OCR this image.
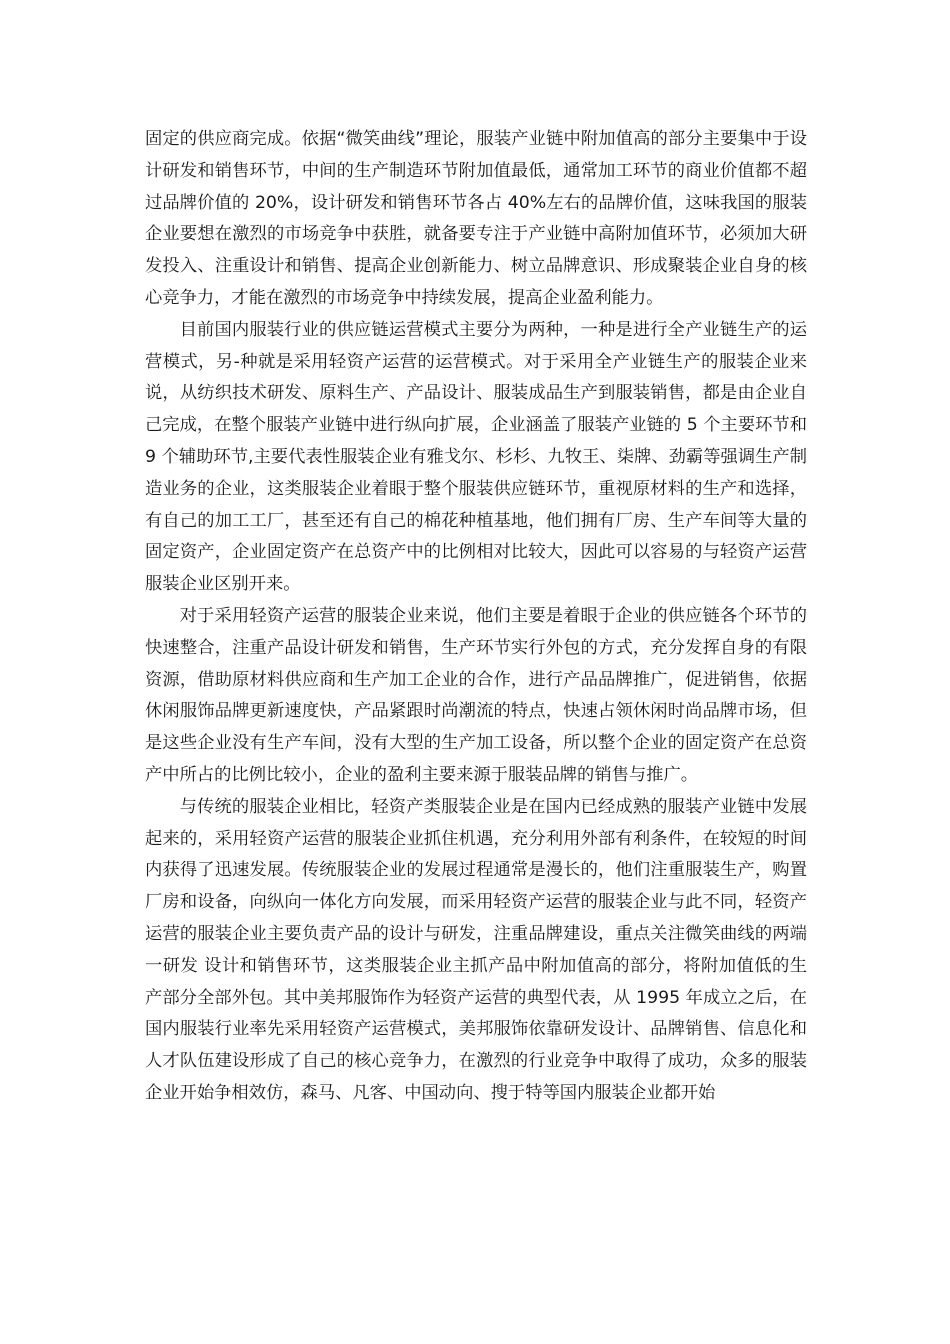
固定的供应商完成。依据“微笑曲线”理论，服装产业链中附加值高的部分主要集中于设计研发和销售环节，中间的生产制造环节附加值最低，通常加工环节的商业价值都不超过品牌价值的 20%，设计研发和销售环节各占 40%左右的品牌价值，这味我国的服装企业要想在激烈的市场竞争中获胜，就备要专注于产业链中高附加值环节，必须加大研发投入、注重设计和销售、提高企业创新能力、树立品牌意识、形成聚装企业自身的核心竞争力，才能在激烈的市场竞争中持续发展，提高企业盈利能力。

目前国内服装行业的供应链运营模式主要分为两种，一种是进行全产业链生产的运营模式，另-种就是采用轻资产运营的运营模式。对于采用全产业链生产的服装企业来说，从纺织技术研发、原料生产、产品设计、服装成品生产到服装销售，都是由企业自己完成，在整个服装产业链中进行纵向扩展，企业涵盖了服装产业链的 5 个主要环节和 9 个辅助环节,主要代表性服装企业有雅戈尔、杉杉、九牧王、柒牌、劲霸等强调生产制造业务的企业，这类服装企业着眼于整个服装供应链环节，重视原材料的生产和选择，有自己的加工工厂，甚至还有自己的棉花种植基地，他们拥有厂房、生产车间等大量的固定资产，企业固定资产在总资产中的比例相对比较大，因此可以容易的与轻资产运营服装企业区别开来。

对于采用轻资产运营的服装企业来说，他们主要是着眼于企业的供应链各个环节的快速整合，注重产品设计研发和销售，生产环节实行外包的方式，充分发挥自身的有限资源，借助原材料供应商和生产加工企业的合作，进行产品品牌推广，促进销售，依据休闲服饰品牌更新速度快，产品紧跟时尚潮流的特点，快速占领休闲时尚品牌市场，但是这些企业没有生产车间，没有大型的生产加工设备，所以整个企业的固定资产在总资产中所占的比例比较小，企业的盈利主要来源于服装品牌的销售与推广。

与传统的服装企业相比，轻资产类服装企业是在国内已经成熟的服装产业链中发展起来的，采用轻资产运营的服装企业抓住机遇，充分利用外部有利条件，在较短的时间内获得了迅速发展。传统服装企业的发展过程通常是漫长的，他们注重服装生产，购置厂房和设备，向纵向一体化方向发展，而采用轻资产运营的服装企业与此不同，轻资产运营的服装企业主要负责产品的设计与研发，注重品牌建设，重点关注微笑曲线的两端一研发 设计和销售环节，这类服装企业主抓产品中附加值高的部分，将附加值低的生产部分全部外包。其中美邦服饰作为轻资产运营的典型代表，从 1995 年成立之后，在国内服装行业率先采用轻资产运营模式，美邦服饰依靠研发设计、品牌销售、信息化和人才队伍建设形成了自己的核心竞争力，在激烈的行业竞争中取得了成功，众多的服装企业开始争相效仿，森马、凡客、中国动向、搜于特等国内服装企业都开始
